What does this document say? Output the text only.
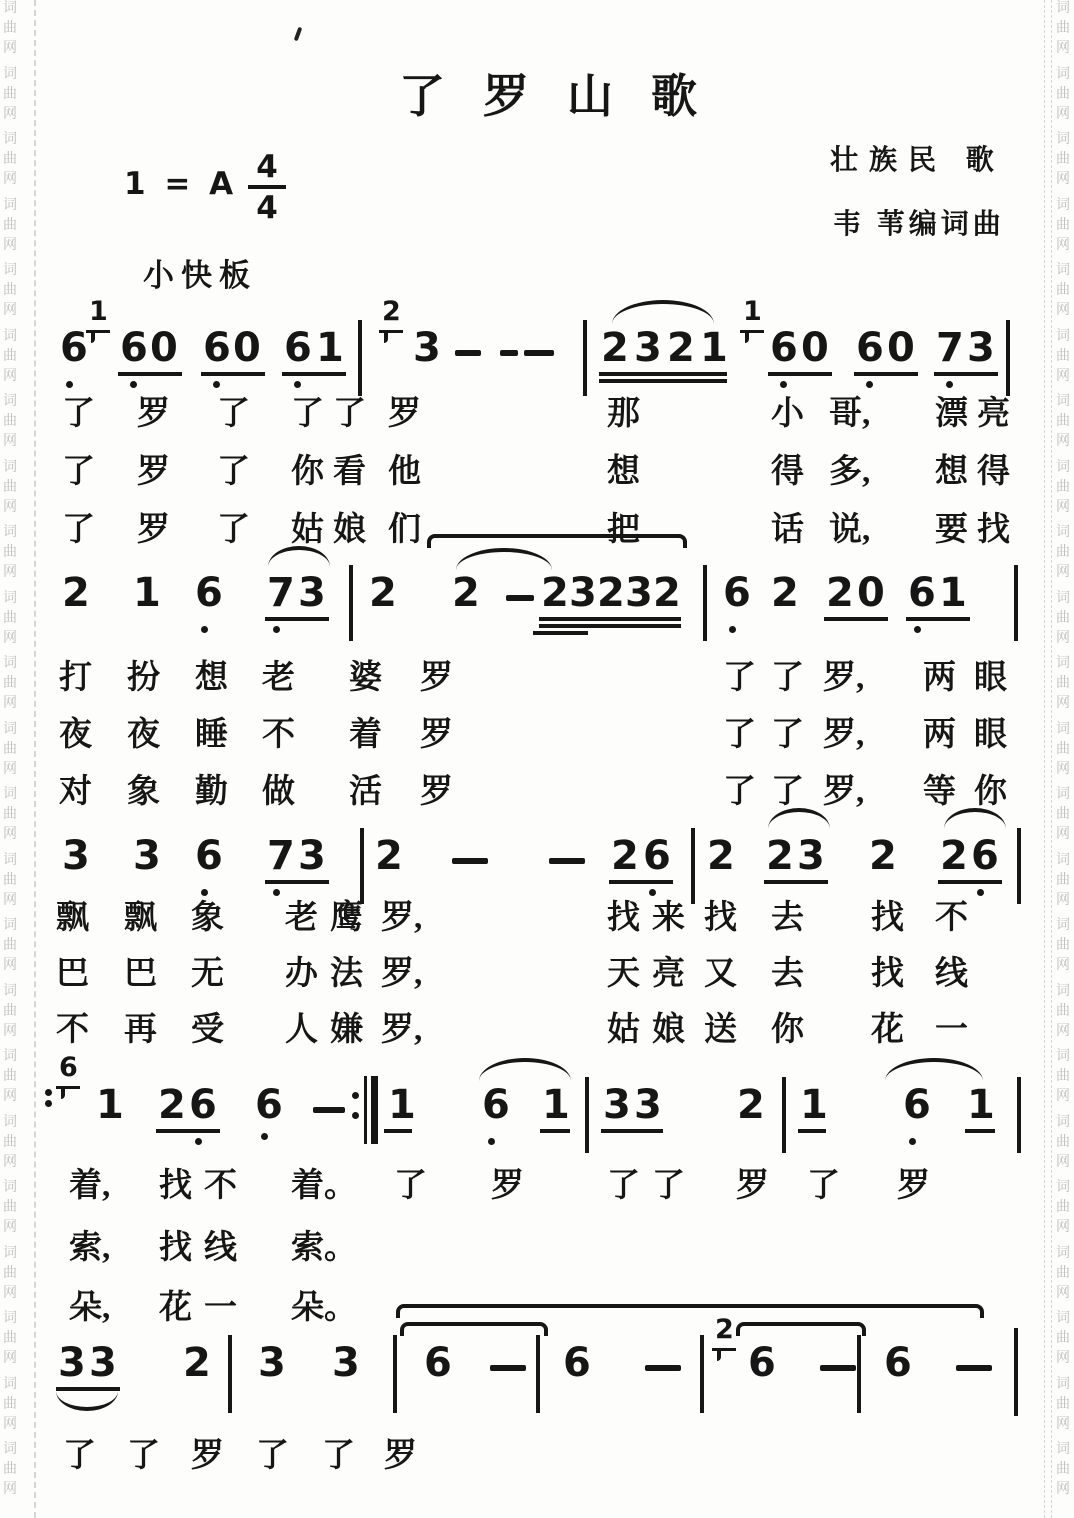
了罗山歌
壮族民 歌
韦 苇编词曲
1 = A 4
4
小快板
6
1
6 0 6 0 6 1
2
3	2 3 2 1
1
6 0 6 0 7 3
了 罗 了 了 了 罗	那	小 哥, 漂 亮
了 罗 了 你 看 他	想	得 多, 想 得
了 罗 了 姑 娘 们	把	话 说, 要 找
2 1 6 7 3 2 2 2 3 2 3 2 6 2 2 0 6 1
打 扮 想 老 婆 罗	了 了 罗, 两 眼
夜 夜 睡 不 着 罗	了 了 罗, 两 眼
对 象 勤 做 活 罗	了 了 罗, 等 你
3 3 6 7 3 2	2 6 2 2 3 2 2 6
飘 飘 象 老 鹰 罗,	找 来 找 去 找 不
巴 巴 无 办 法 罗,	天 亮 又 去 找 线
不 再 受 人 嫌 罗,	姑 娘 送 你 花 一
6
1 2 6 6	1 6 1 3 3 2 1 6 1
着, 找 不 着。 了 罗	了 了 罗 了 罗
索, 找 线 索。
朵, 花 一 朵。
3 3 2 3 3 6	6
2
6	6
了 了 罗 了 了 罗
词
曲
网
词
曲
网
词
曲
网
词
曲
网
词
曲
网
词
曲
网
词
曲
网
词
曲
网
词
曲
网
词
曲
网
词
曲
网
词
曲
网
词
曲
网
词
曲
网
词
曲
网
词
曲
网
词
曲
网
词
曲
网
词
曲
网
词
曲
网
词
曲
网
词
曲
网
词
曲
网
词
曲
网
词
曲
网
词
曲
网
词
曲
网
词
曲
网
词
曲
网
词
曲
网
词
曲
网
词
曲
网
词
曲
网
词
曲
网
词
曲
网
词
曲
网
词
曲
网
词
曲
网
词
曲
网
词
曲
网
词
曲
网
词
曲
网
词
曲
网
词
曲
网
词
曲
网
词
曲
网
